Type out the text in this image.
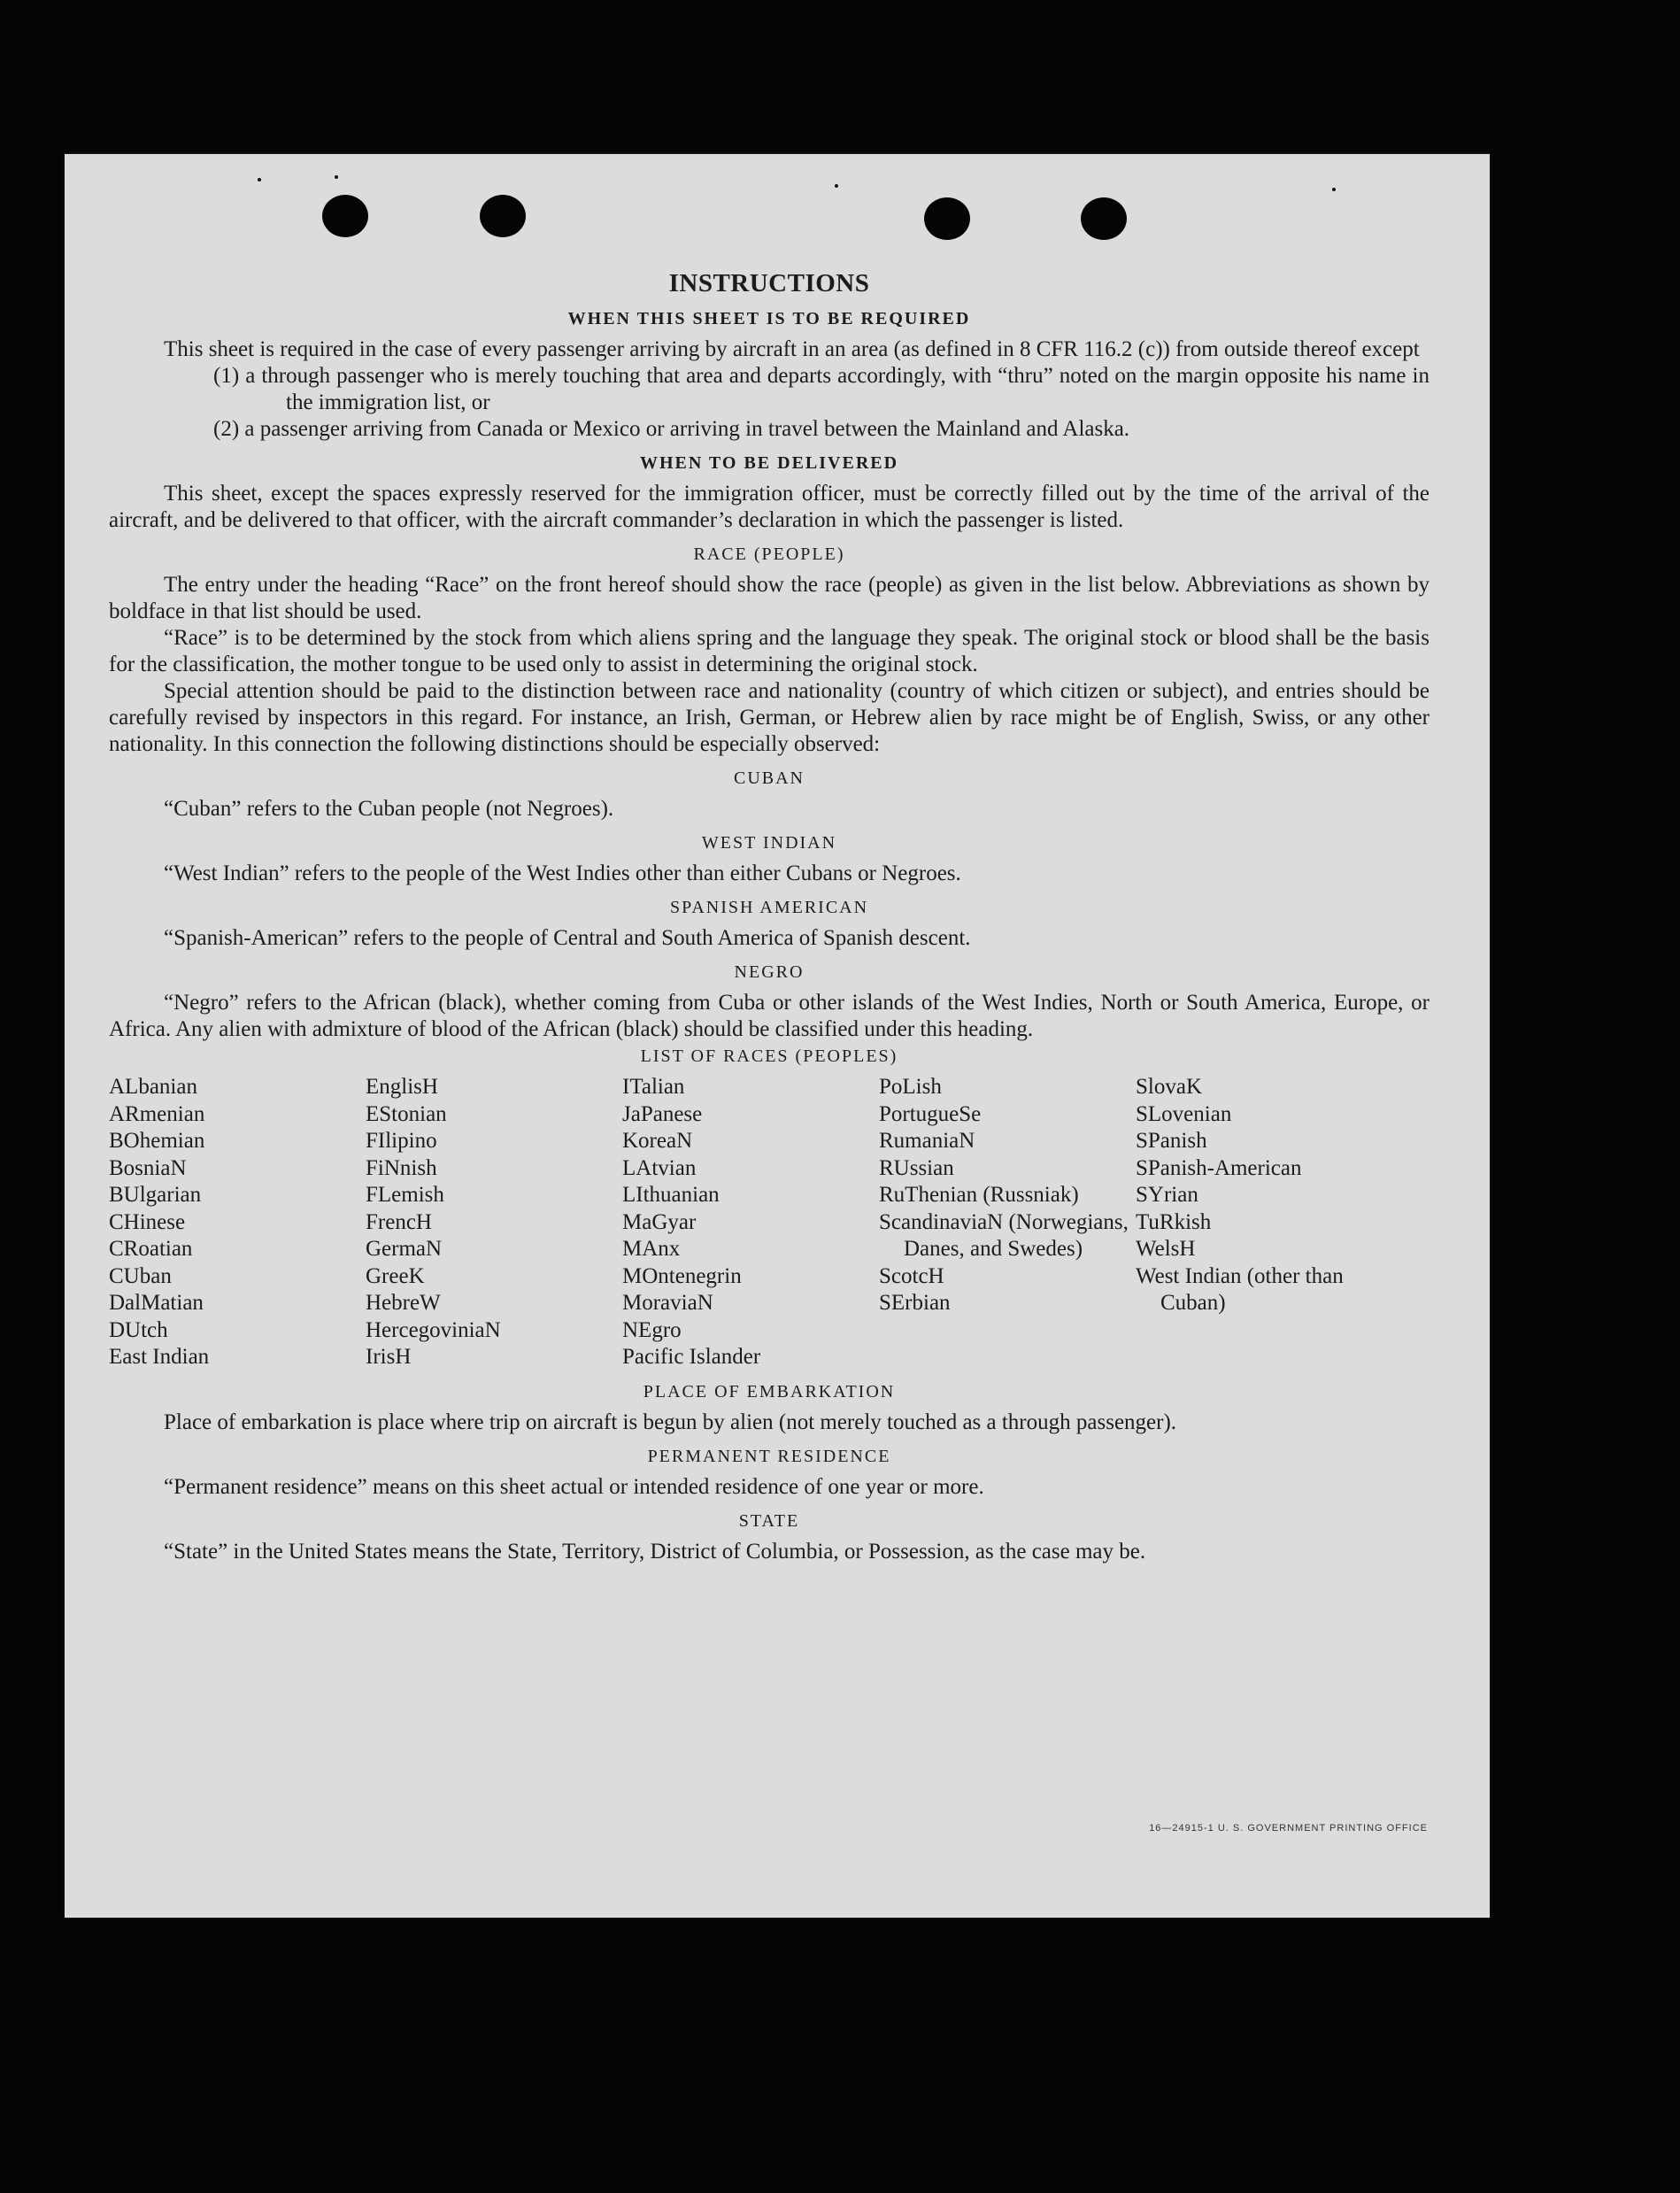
INSTRUCTIONS
WHEN THIS SHEET IS TO BE REQUIRED

This sheet is required in the case of every passenger arriving by aircraft in an area (as defined in 8 CFR 116.2 (c)) from outside thereof except

(1) a through passenger who is merely touching that area and departs accordingly, with “thru” noted on the margin opposite his name in the immigration list, or
(2) a passenger arriving from Canada or Mexico or arriving in travel between the Mainland and Alaska.
WHEN TO BE DELIVERED

This sheet, except the spaces expressly reserved for the immigration officer, must be correctly filled out by the time of the arrival of the aircraft, and be delivered to that officer, with the aircraft commander’s declaration in which the passenger is listed.

RACE (PEOPLE)

The entry under the heading “Race” on the front hereof should show the race (people) as given in the list below. Abbreviations as shown by boldface in that list should be used.

“Race” is to be determined by the stock from which aliens spring and the language they speak. The original stock or blood shall be the basis for the classification, the mother tongue to be used only to assist in determining the original stock.

Special attention should be paid to the distinction between race and nationality (country of which citizen or subject), and entries should be carefully revised by inspectors in this regard. For instance, an Irish, German, or Hebrew alien by race might be of English, Swiss, or any other nationality. In this connection the following distinctions should be especially observed:

CUBAN

“Cuban” refers to the Cuban people (not Negroes).

WEST INDIAN

“West Indian” refers to the people of the West Indies other than either Cubans or Negroes.

SPANISH AMERICAN

“Spanish-American” refers to the people of Central and South America of Spanish descent.

NEGRO

“Negro” refers to the African (black), whether coming from Cuba or other islands of the West Indies, North or South America, Europe, or Africa. Any alien with admixture of blood of the African (black) should be classified under this heading.

LIST OF RACES (PEOPLES)
ALbanian
ARmenian
BOhemian
BosniaN
BUlgarian
CHinese
CRoatian
CUban
DalMatian
DUtch
East Indian
EnglisH
EStonian
FIlipino
FiNnish
FLemish
FrencH
GermaN
GreeK
HebreW
HercegoviniaN
IrisH
ITalian
JaPanese
KoreaN
LAtvian
LIthuanian
MaGyar
MAnx
MOntenegrin
MoraviaN
NEgro
Pacific Islander
PoLish
PortugueSe
RumaniaN
RUssian
RuThenian (Russniak)
ScandinaviaN (Norwegians, Danes, and Swedes)
ScotcH
SErbian
SlovaK
SLovenian
SPanish
SPanish-American
SYrian
TuRkish
WelsH
West Indian (other than Cuban)
PLACE OF EMBARKATION

Place of embarkation is place where trip on aircraft is begun by alien (not merely touched as a through passenger).

PERMANENT RESIDENCE

“Permanent residence” means on this sheet actual or intended residence of one year or more.

STATE

“State” in the United States means the State, Territory, District of Columbia, or Possession, as the case may be.

16—24915-1 U. S. GOVERNMENT PRINTING OFFICE
